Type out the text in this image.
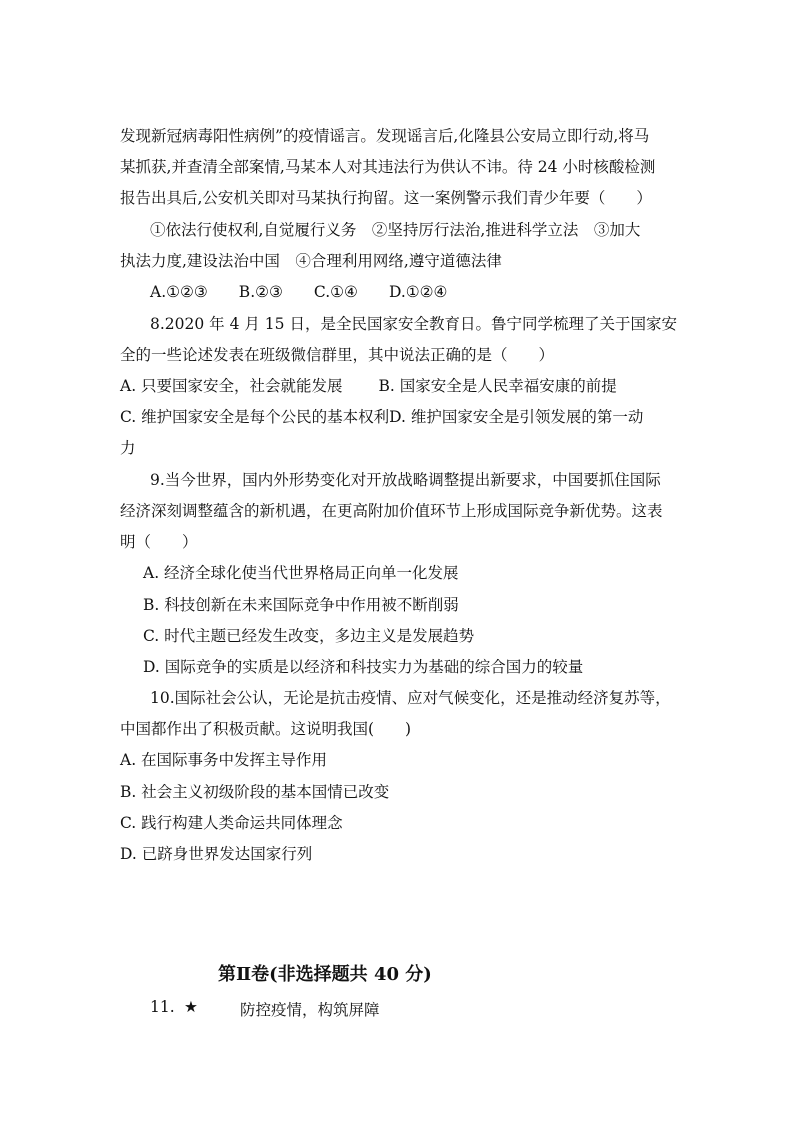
发现新冠病毒阳性病例”的疫情谣言。发现谣言后,化隆县公安局立即行动,将马
某抓获,并查清全部案情,马某本人对其违法行为供认不讳。待 24 小时核酸检测
报告出具后,公安机关即对马某执行拘留。这一案例警示我们青少年要（　　）
①依法行使权利,自觉履行义务　②坚持厉行法治,推进科学立法　③加大
执法力度,建设法治中国　④合理利用网络,遵守道德法律
A.①②③　　B.②③　　C.①④　　D.①②④
8.2020 年 4 月 15 日，是全民国家安全教育日。鲁宁同学梳理了关于国家安
全的一些论述发表在班级微信群里，其中说法正确的是（　　）
A. 只要国家安全，社会就能发展　　 B. 国家安全是人民幸福安康的前提
C. 维护国家安全是每个公民的基本权利D. 维护国家安全是引领发展的第一动
力
9.当今世界，国内外形势变化对开放战略调整提出新要求，中国要抓住国际
经济深刻调整蕴含的新机遇，在更高附加价值环节上形成国际竞争新优势。这表
明（　　）
A. 经济全球化使当代世界格局正向单一化发展
B. 科技创新在未来国际竞争中作用被不断削弱
C. 时代主题已经发生改变，多边主义是发展趋势
D. 国际竞争的实质是以经济和科技实力为基础的综合国力的较量
10.国际社会公认，无论是抗击疫情、应对气候变化，还是推动经济复苏等，
中国都作出了积极贡献。这说明我国(　　)
A. 在国际事务中发挥主导作用
B. 社会主义初级阶段的基本国情已改变
C. 践行构建人类命运共同体理念
D. 已跻身世界发达国家行列
第Ⅱ卷(非选择题共 40 分)
11. ★	防控疫情，构筑屏障
